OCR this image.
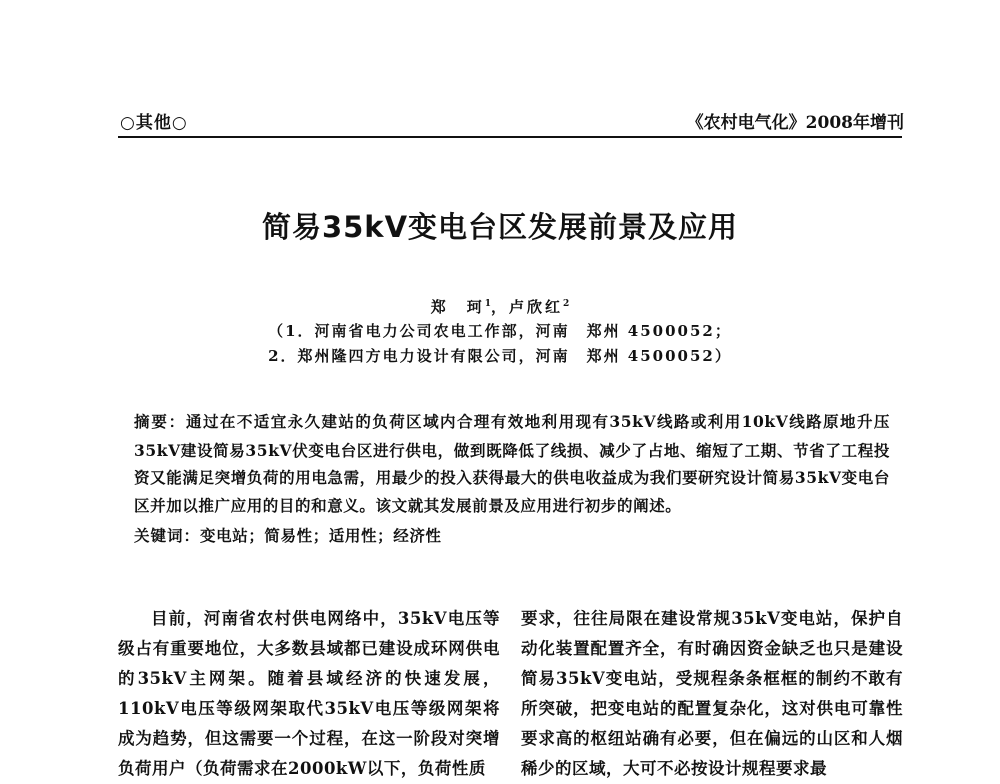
○其他○	《农村电气化》2008年增刊
简易35kV变电台区发展前景及应用
郑　珂$^1$，卢欣红$^2$
（1．河南省电力公司农电工作部，河南　郑州 4500052；
2．郑州隆四方电力设计有限公司，河南　郑州 4500052）
摘要：通过在不适宜永久建站的负荷区域内合理有效地利用现有35kV线路或利用10kV线路原地升压35kV建设简易35kV伏变电台区进行供电，做到既降低了线损、减少了占地、缩短了工期、节省了工程投资又能满足突增负荷的用电急需，用最少的投入获得最大的供电收益成为我们要研究设计简易35kV变电台区并加以推广应用的目的和意义。该文就其发展前景及应用进行初步的阐述。
关键词：变电站；简易性；适用性；经济性
目前，河南省农村供电网络中，35kV电压等级占有重要地位，大多数县域都已建设成环网供电的35kV主网架。随着县域经济的快速发展，110kV电压等级网架取代35kV电压等级网架将成为趋势，但这需要一个过程，在这一阶段对突增负荷用户（负荷需求在2000kW以下，负荷性质
要求，往往局限在建设常规35kV变电站，保护自动化装置配置齐全，有时确因资金缺乏也只是建设简易35kV变电站，受规程条条框框的制约不敢有所突破，把变电站的配置复杂化，这对供电可靠性要求高的枢纽站确有必要，但在偏远的山区和人烟稀少的区域，大可不必按设计规程要求最
